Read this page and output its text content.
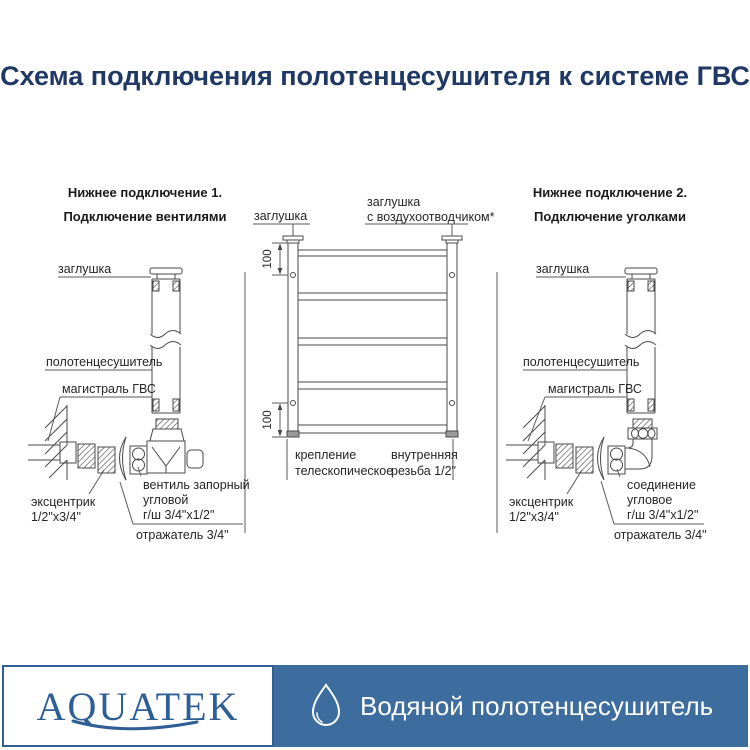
Схема подключения полотенцесушителя к системе ГВС
Нижнее подключение 1.
Подключение вентилями
заглушка
полотенцесушитель
магистраль ГВС
эксцентрик
1/2"x3/4"
вентиль запорный
угловой
г/ш 3/4"x1/2"
отражатель 3/4"
заглушка
заглушка
с воздухоотводчиком*
100
100
крепление
телескопическое
внутренняя
резьба 1/2"
Нижнее подключение 2.
Подключение уголками
заглушка
полотенцесушитель
магистраль ГВС
эксцентрик
1/2"x3/4"
соединение
угловое
г/ш 3/4"x1/2"
отражатель 3/4"
AQUATEK	Водяной полотенцесушитель
